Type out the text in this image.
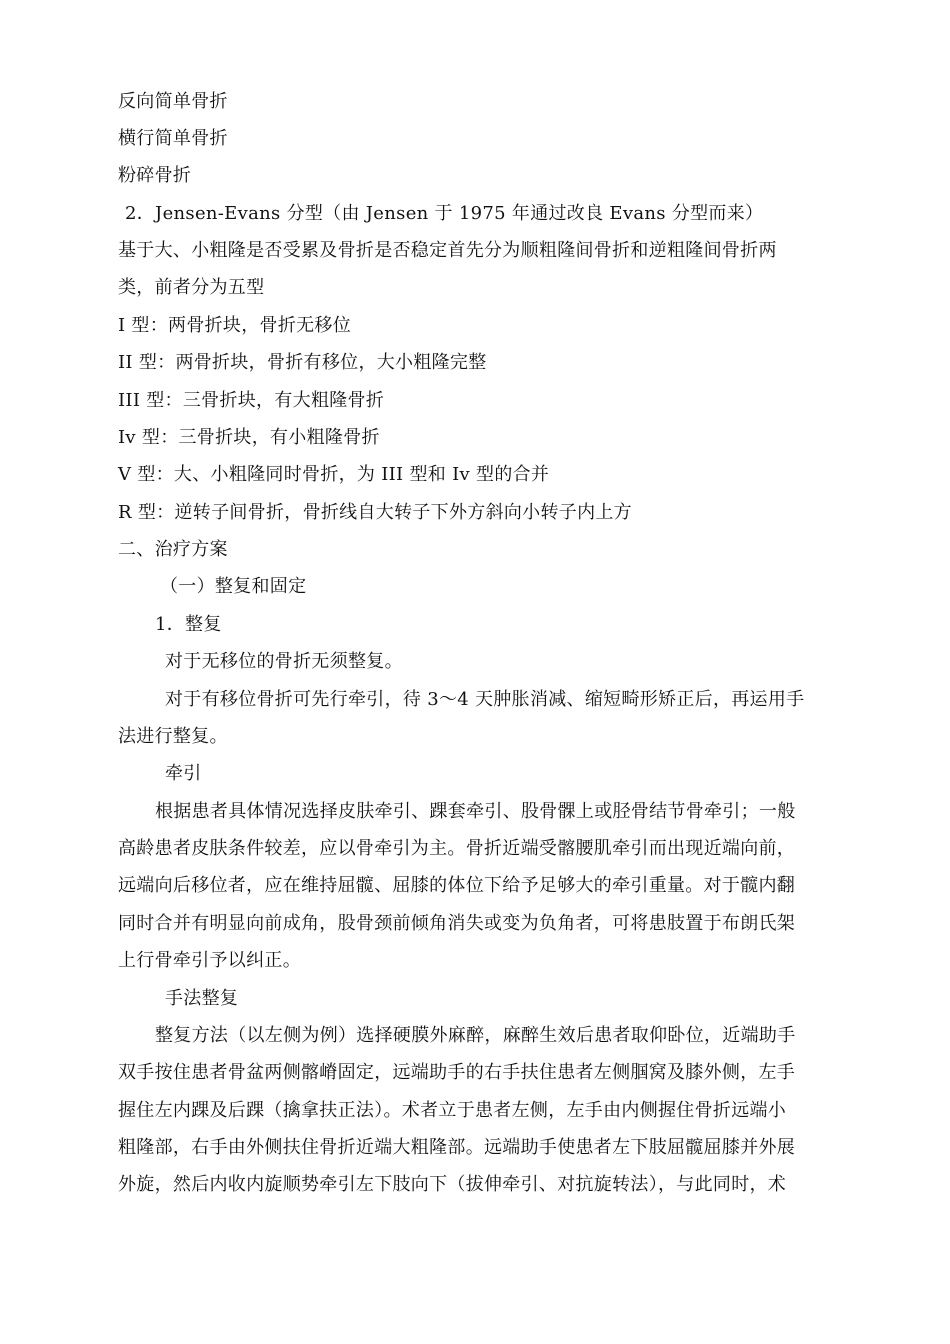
反向简单骨折
横行简单骨折
粉碎骨折
2．Jensen-Evans 分型（由 Jensen 于 1975 年通过改良 Evans 分型而来）
基于大、小粗隆是否受累及骨折是否稳定首先分为顺粗隆间骨折和逆粗隆间骨折两
类，前者分为五型
I 型：两骨折块，骨折无移位
II 型：两骨折块，骨折有移位，大小粗隆完整
III 型：三骨折块，有大粗隆骨折
Iv 型：三骨折块，有小粗隆骨折
V 型：大、小粗隆同时骨折，为 III 型和 Iv 型的合并
R 型：逆转子间骨折，骨折线自大转子下外方斜向小转子内上方
二、治疗方案
（一）整复和固定
1．整复
对于无移位的骨折无须整复。
对于有移位骨折可先行牵引，待 3～4 天肿胀消减、缩短畸形矫正后，再运用手
法进行整复。
牵引
根据患者具体情况选择皮肤牵引、踝套牵引、股骨髁上或胫骨结节骨牵引；一般
高龄患者皮肤条件较差，应以骨牵引为主。骨折近端受髂腰肌牵引而出现近端向前，
远端向后移位者，应在维持屈髋、屈膝的体位下给予足够大的牵引重量。对于髋内翻
同时合并有明显向前成角，股骨颈前倾角消失或变为负角者，可将患肢置于布朗氏架
上行骨牵引予以纠正。
手法整复
整复方法（以左侧为例）选择硬膜外麻醉，麻醉生效后患者取仰卧位，近端助手
双手按住患者骨盆两侧髂嵴固定，远端助手的右手扶住患者左侧腘窝及膝外侧，左手
握住左内踝及后踝（擒拿扶正法）。术者立于患者左侧，左手由内侧握住骨折远端小
粗隆部，右手由外侧扶住骨折近端大粗隆部。远端助手使患者左下肢屈髋屈膝并外展
外旋，然后内收内旋顺势牵引左下肢向下（拔伸牵引、对抗旋转法），与此同时，术
